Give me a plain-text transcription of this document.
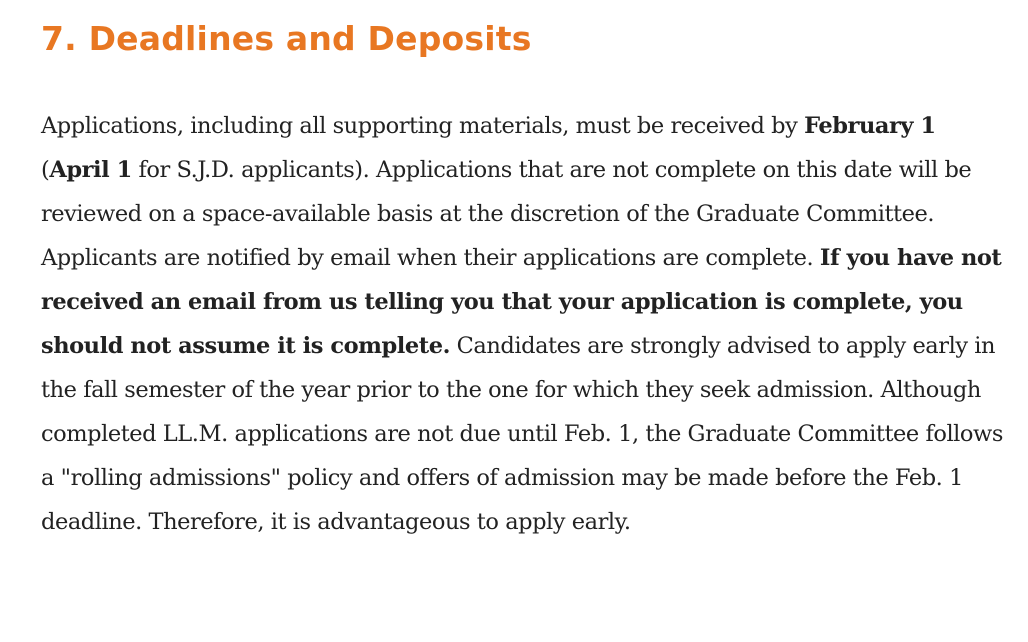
7. Deadlines and Deposits

Applications, including all supporting materials, must be received by February 1 (April 1 for S.J.D. applicants). Applications that are not complete on this date will be reviewed on a space-available basis at the discretion of the Graduate Committee. Applicants are notified by email when their applications are complete. If you have not received an email from us telling you that your application is complete, you should not assume it is complete. Candidates are strongly advised to apply early in the fall semester of the year prior to the one for which they seek admission. Although completed LL.M. applications are not due until Feb. 1, the Graduate Committee follows a "rolling admissions" policy and offers of admission may be made before the Feb. 1 deadline. Therefore, it is advantageous to apply early.
